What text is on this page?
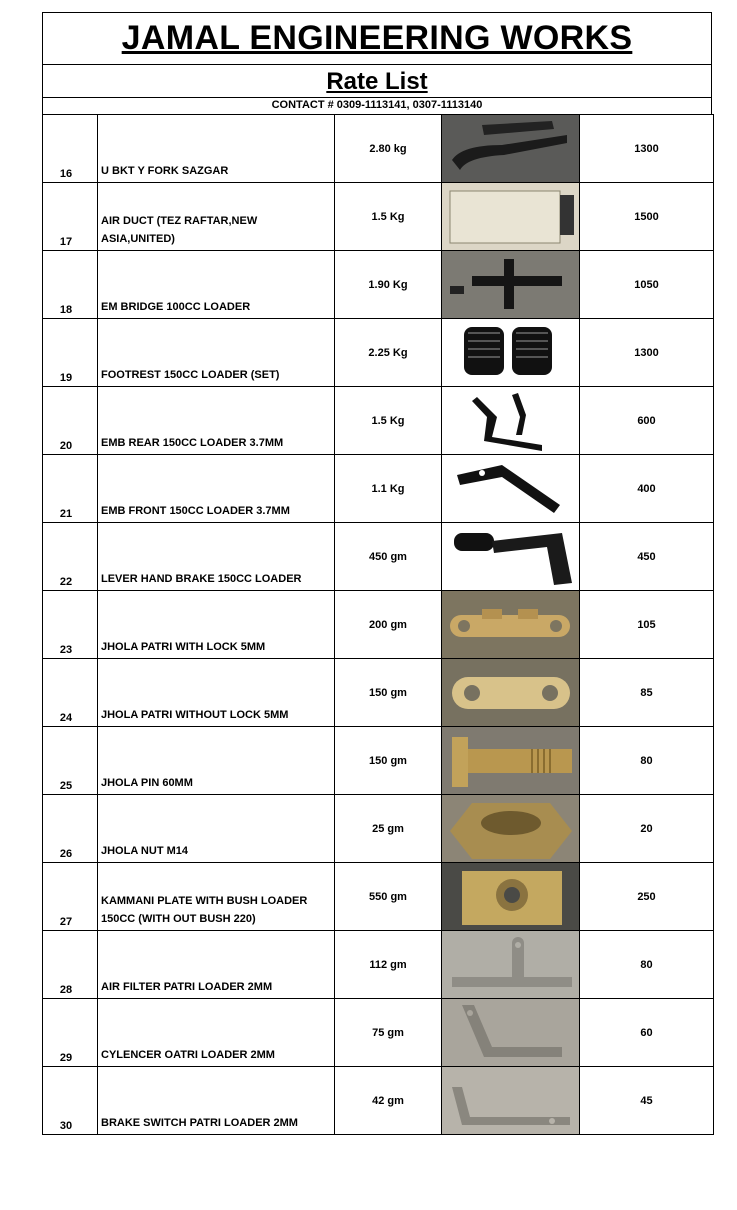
JAMAL ENGINEERING WORKS
Rate List
CONTACT # 0309-1113141, 0307-1113140
16	U BKT Y FORK SAZGAR	2.80 kg		1300

17	AIR DUCT (TEZ RAFTAR,NEW ASIA,UNITED)	1.5 Kg		1500

18	EM BRIDGE 100CC LOADER	1.90 Kg		1050

19	FOOTREST 150CC LOADER (SET)	2.25 Kg		1300

20	EMB REAR 150CC LOADER 3.7MM	1.5 Kg		600

21	EMB FRONT 150CC LOADER 3.7MM	1.1 Kg		400

22	LEVER HAND BRAKE 150CC LOADER	450 gm		450

23	JHOLA PATRI WITH LOCK 5MM	200 gm		105

24	JHOLA PATRI WITHOUT LOCK 5MM	150 gm		85

25	JHOLA PIN 60MM	150 gm		80

26	JHOLA NUT M14	25 gm		20

27	KAMMANI PLATE WITH BUSH LOADER 150CC (WITH OUT BUSH 220)	550 gm		250

28	AIR FILTER PATRI LOADER 2MM	112 gm		80

29	CYLENCER OATRI LOADER 2MM	75 gm		60

30	BRAKE SWITCH PATRI LOADER 2MM	42 gm		45
